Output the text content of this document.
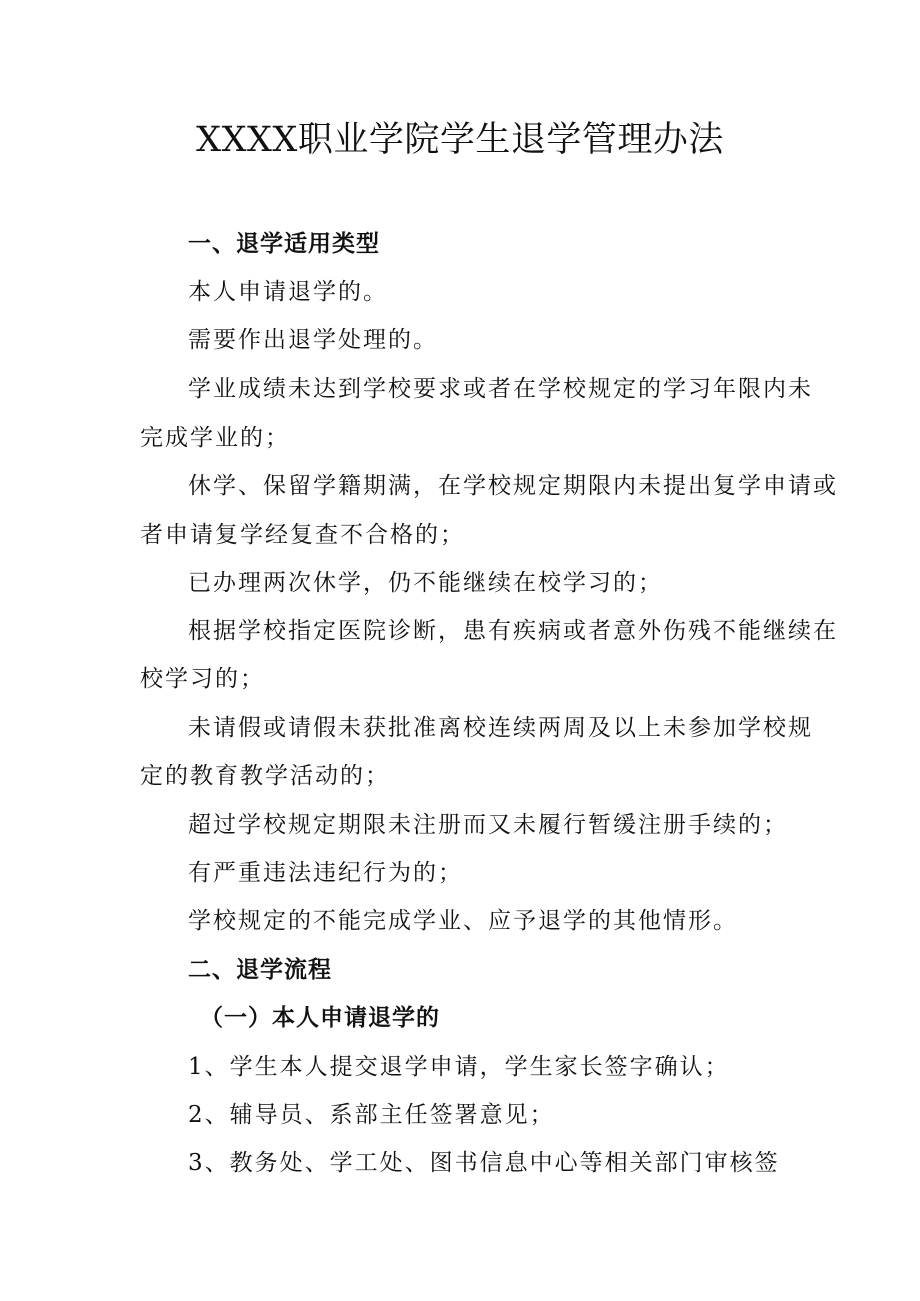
XXXX职业学院学生退学管理办法
一、退学适用类型
本人申请退学的。
需要作出退学处理的。
学业成绩未达到学校要求或者在学校规定的学习年限内未
完成学业的；
休学、保留学籍期满，在学校规定期限内未提出复学申请或
者申请复学经复查不合格的；
已办理两次休学，仍不能继续在校学习的；
根据学校指定医院诊断，患有疾病或者意外伤残不能继续在
校学习的；
未请假或请假未获批准离校连续两周及以上未参加学校规
定的教育教学活动的；
超过学校规定期限未注册而又未履行暂缓注册手续的；
有严重违法违纪行为的；
学校规定的不能完成学业、应予退学的其他情形。
二、退学流程
（一）本人申请退学的
1、学生本人提交退学申请，学生家长签字确认；
2、辅导员、系部主任签署意见；
3、教务处、学工处、图书信息中心等相关部门审核签
